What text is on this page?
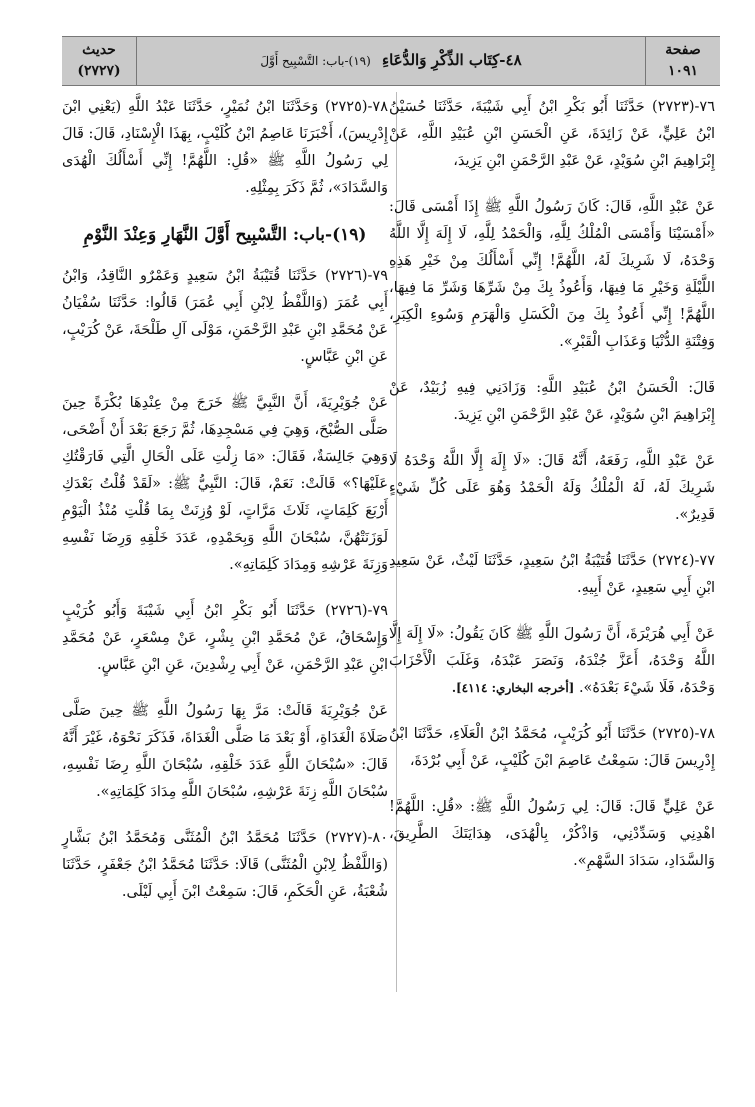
صفحة
١٠٩١
٤٨-كِتَاب الذِّكْرِ وَالدُّعَاءِ (١٩)-باب: التَّسْبِيح أَوَّلَ
حديث
(٢٧٢٧)

٧٦-(٢٧٢٣) حَدَّثَنَا أَبُو بَكْرِ ابْنُ أَبِي شَيْبَةَ، حَدَّثَنَا حُسَيْنُ ابْنُ عَلِيٍّ، عَنْ زَائِدَةَ، عَنِ الْحَسَنِ ابْنِ عُبَيْدِ اللَّهِ، عَنْ إِبْرَاهِيمَ ابْنِ سُوَيْدٍ، عَنْ عَبْدِ الرَّحْمَنِ ابْنِ يَزِيدَ،

عَنْ عَبْدِ اللَّهِ، قَالَ: كَانَ رَسُولُ اللَّهِ ﷺ إِذَا أَمْسَى قَالَ: «أَمْسَيْنَا وَأَمْسَى الْمُلْكُ لِلَّهِ، وَالْحَمْدُ لِلَّهِ، لَا إِلَهَ إِلَّا اللَّهُ وَحْدَهُ، لَا شَرِيكَ لَهُ، اللَّهُمَّ! إِنِّي أَسْأَلُكَ مِنْ خَيْرِ هَذِهِ اللَّيْلَةِ وَخَيْرِ مَا فِيهَا، وَأَعُوذُ بِكَ مِنْ شَرِّهَا وَشَرِّ مَا فِيهَا، اللَّهُمَّ! إِنِّي أَعُوذُ بِكَ مِنَ الْكَسَلِ وَالْهَرَمِ وَسُوءِ الْكِبَرِ، وَفِتْنَةِ الدُّنْيَا وَعَذَابِ الْقَبْرِ».

قَالَ: الْحَسَنُ ابْنُ عُبَيْدِ اللَّهِ: وَزَادَنِي فِيهِ زُبَيْدٌ، عَنْ إِبْرَاهِيمَ ابْنِ سُوَيْدٍ، عَنْ عَبْدِ الرَّحْمَنِ ابْنِ يَزِيدَ.

عَنْ عَبْدِ اللَّهِ، رَفَعَهُ، أَنَّهُ قَالَ: «لَا إِلَهَ إِلَّا اللَّهُ وَحْدَهُ لَا شَرِيكَ لَهُ، لَهُ الْمُلْكُ وَلَهُ الْحَمْدُ وَهُوَ عَلَى كُلِّ شَيْءٍ قَدِيرٌ».

٧٧-(٢٧٢٤) حَدَّثَنَا قُتَيْبَةُ ابْنُ سَعِيدٍ، حَدَّثَنَا لَيْثٌ، عَنْ سَعِيدِ ابْنِ أَبِي سَعِيدٍ، عَنْ أَبِيهِ.

عَنْ أَبِي هُرَيْرَةَ، أَنَّ رَسُولَ اللَّهِ ﷺ كَانَ يَقُولُ: «لَا إِلَهَ إِلَّا اللَّهُ وَحْدَهُ، أَعَزَّ جُنْدَهُ، وَنَصَرَ عَبْدَهُ، وَغَلَبَ الْأَحْزَابَ وَحْدَهُ، فَلَا شَيْءَ بَعْدَهُ». [أخرجه البخاري: ٤١١٤].

٧٨-(٢٧٢٥) حَدَّثَنَا أَبُو كُرَيْبٍ، مُحَمَّدُ ابْنُ الْعَلَاءِ، حَدَّثَنَا ابْنُ إِدْرِيسَ قَالَ: سَمِعْتُ عَاصِمَ ابْنَ كُلَيْبٍ، عَنْ أَبِي بُرْدَةَ،

عَنْ عَلِيٍّ قَالَ: قَالَ: لِي رَسُولُ اللَّهِ ﷺ: «قُلِ: اللَّهُمَّ! اهْدِنِي وَسَدِّدْنِي، وَاذْكُرْ، بِالْهُدَى، هِدَايَتَكَ الطَّرِيقَ، وَالسَّدَادِ، سَدَادَ السَّهْمِ».

٧٨-(٢٧٢٥) وَحَدَّثَنَا ابْنُ نُمَيْرٍ، حَدَّثَنَا عَبْدُ اللَّهِ (يَعْنِي ابْنَ إِدْرِيسَ)، أَخْبَرَنَا عَاصِمُ ابْنُ كُلَيْبٍ، بِهَذَا الْإِسْنَادِ، قَالَ: قَالَ لِي رَسُولُ اللَّهِ ﷺ «قُلِ: اللَّهُمَّ! إِنِّي أَسْأَلُكَ الْهُدَى وَالسَّدَادَ»، ثُمَّ ذَكَرَ بِمِثْلِهِ.

(١٩)-باب: التَّسْبِيح أَوَّلَ النَّهَارِ وَعِنْدَ النَّوْمِ

٧٩-(٢٧٢٦) حَدَّثَنَا قُتَيْبَةُ ابْنُ سَعِيدٍ وَعَمْرٌو النَّاقِدُ، وَابْنُ أَبِي عُمَرَ (وَاللَّفْظُ لِابْنِ أَبِي عُمَرَ) قَالُوا: حَدَّثَنَا سُفْيَانُ عَنْ مُحَمَّدِ ابْنِ عَبْدِ الرَّحْمَنِ، مَوْلَى آلِ طَلْحَةَ، عَنْ كُرَيْبٍ، عَنِ ابْنِ عَبَّاسٍ.

عَنْ جُوَيْرِيَةَ، أَنَّ النَّبِيَّ ﷺ خَرَجَ مِنْ عِنْدِهَا بُكْرَةً حِينَ صَلَّى الصُّبْحَ، وَهِيَ فِي مَسْجِدِهَا، ثُمَّ رَجَعَ بَعْدَ أَنْ أَضْحَى، وَهِيَ جَالِسَةٌ، فَقَالَ: «مَا زِلْتِ عَلَى الْحَالِ الَّتِي فَارَقْتُكِ عَلَيْهَا؟» قَالَتْ: نَعَمْ، قَالَ: النَّبِيُّ ﷺ: «لَقَدْ قُلْتُ بَعْدَكِ أَرْبَعَ كَلِمَاتٍ، ثَلَاثَ مَرَّاتٍ، لَوْ وُزِنَتْ بِمَا قُلْتِ مُنْذُ الْيَوْمِ لَوَزَنَتْهُنَّ، سُبْحَانَ اللَّهِ وَبِحَمْدِهِ، عَدَدَ خَلْقِهِ وَرِضَا نَفْسِهِ وَزِنَةَ عَرْشِهِ وَمِدَادَ كَلِمَاتِهِ».

٧٩-(٢٧٢٦) حَدَّثَنَا أَبُو بَكْرِ ابْنُ أَبِي شَيْبَةَ وَأَبُو كُرَيْبٍ وَإِسْحَاقُ، عَنْ مُحَمَّدِ ابْنِ بِشْرٍ، عَنْ مِسْعَرٍ، عَنْ مُحَمَّدِ ابْنِ عَبْدِ الرَّحْمَنِ، عَنْ أَبِي رِشْدِينَ، عَنِ ابْنِ عَبَّاسٍ.

عَنْ جُوَيْرِيَةَ قَالَتْ: مَرَّ بِهَا رَسُولُ اللَّهِ ﷺ حِينَ صَلَّى صَلَاةَ الْغَدَاةِ، أَوْ بَعْدَ مَا صَلَّى الْغَدَاةَ، فَذَكَرَ نَحْوَهُ، غَيْرَ أَنَّهُ قَالَ: «سُبْحَانَ اللَّهِ عَدَدَ خَلْقِهِ، سُبْحَانَ اللَّهِ رِضَا نَفْسِهِ، سُبْحَانَ اللَّهِ زِنَةَ عَرْشِهِ، سُبْحَانَ اللَّهِ مِدَادَ كَلِمَاتِهِ».

٨٠-(٢٧٢٧) حَدَّثَنَا مُحَمَّدُ ابْنُ الْمُثَنَّى وَمُحَمَّدُ ابْنُ بَشَّارٍ (وَاللَّفْظُ لِابْنِ الْمُثَنَّى) قَالَا: حَدَّثَنَا مُحَمَّدُ ابْنُ جَعْفَرٍ، حَدَّثَنَا شُعْبَةُ، عَنِ الْحَكَمِ، قَالَ: سَمِعْتُ ابْنَ أَبِي لَيْلَى.
